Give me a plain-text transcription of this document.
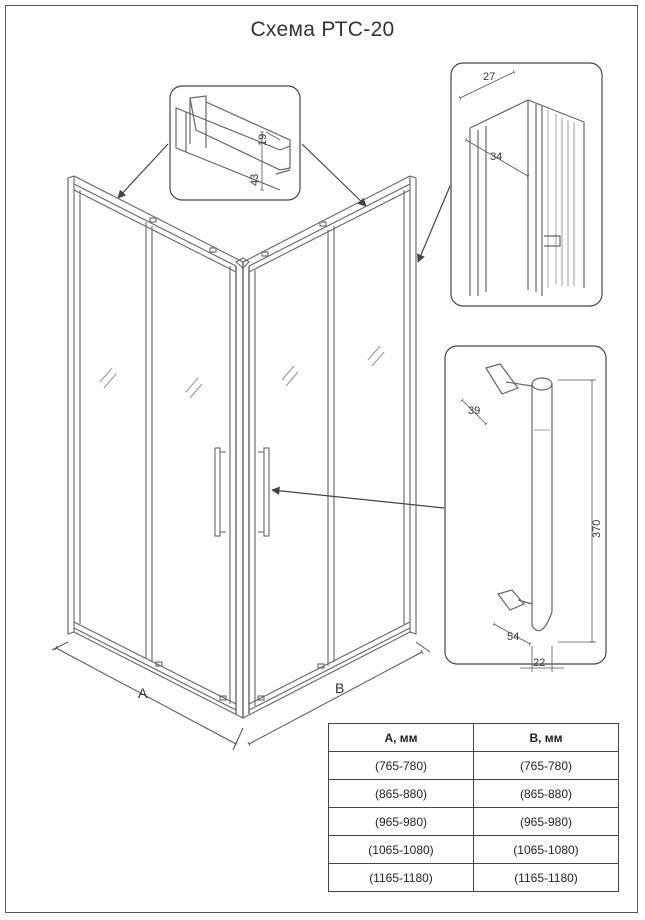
Схема РТС-20
A	B
19
43
27
34
39
370
54
22
A, мм	B, мм
(765-780)	(765-780)
(865-880)	(865-880)
(965-980)	(965-980)
(1065-1080)	(1065-1080)
(1165-1180)	(1165-1180)
